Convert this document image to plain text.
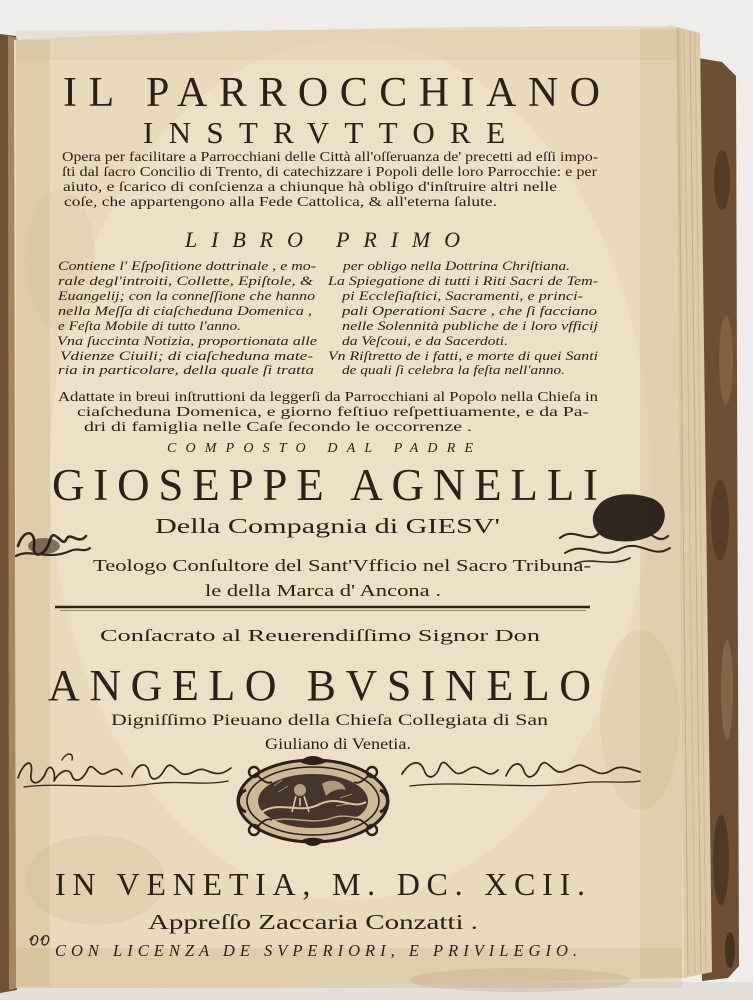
IL PARROCCHIANO
INSTRVTTORE
Opera per facilitare a Parrocchiani delle Città all'oſſeruanza de' precetti ad eſſi impo-
ſti dal ſacro Concilio di Trento, di catechizzare i Popoli delle loro Parrocchie: e per
aiuto, e ſcarico di conſcienza a chiunque hà obligo d'inſtruire altri nelle
coſe, che appartengono alla Fede Cattolica, & all'eterna ſalute.
LIBRO PRIMO
Contiene l' Eſpoſitione dottrinale , e mo-
rale degl'introiti, Collette, Epiſtole, &
Euangelij; con la conneſſione che hanno
nella Meſſa di ciaſcheduna Domenica ,
e Feſta Mobile di tutto l'anno.
Vna ſuccinta Notizia, proportionata alle
Vdienze Ciuili; di ciaſcheduna mate-
ria in particolare, della quale ſi tratta
per obligo nella Dottrina Chriſtiana.
La Spiegatione di tutti i Riti Sacri de Tem-
pi Eccleſiaſtici, Sacramenti, e princi-
pali Operationi Sacre , che ſi facciano
nelle Solennità publiche de i loro vfficij
da Veſcoui, e da Sacerdoti.
Vn Riſtretto de i fatti, e morte di quei Santi
de quali ſi celebra la feſta nell'anno.
Adattate in breui inſtruttioni da leggerſi da Parrocchiani al Popolo nella Chieſa in
ciaſcheduna Domenica, e giorno feſtiuo reſpettiuamente, e da Pa-
dri di famiglia nelle Caſe ſecondo le occorrenze .
COMPOSTO DAL PADRE
GIOSEPPE AGNELLI
Della Compagnia di GIESV'
Teologo Conſultore del Sant'Vfficio nel Sacro Tribuna-
le della Marca d' Ancona .
Conſacrato al Reuerendiſſimo Signor Don
ANGELO BVSINELO
Digniſſimo Pieuano della Chieſa Collegiata di San
Giuliano di Venetia.
IN VENETIA, M. DC. XCII.
Appreſſo Zaccaria Conzatti .
CON LICENZA DE SVPERIORI, E PRIVILEGIO.
